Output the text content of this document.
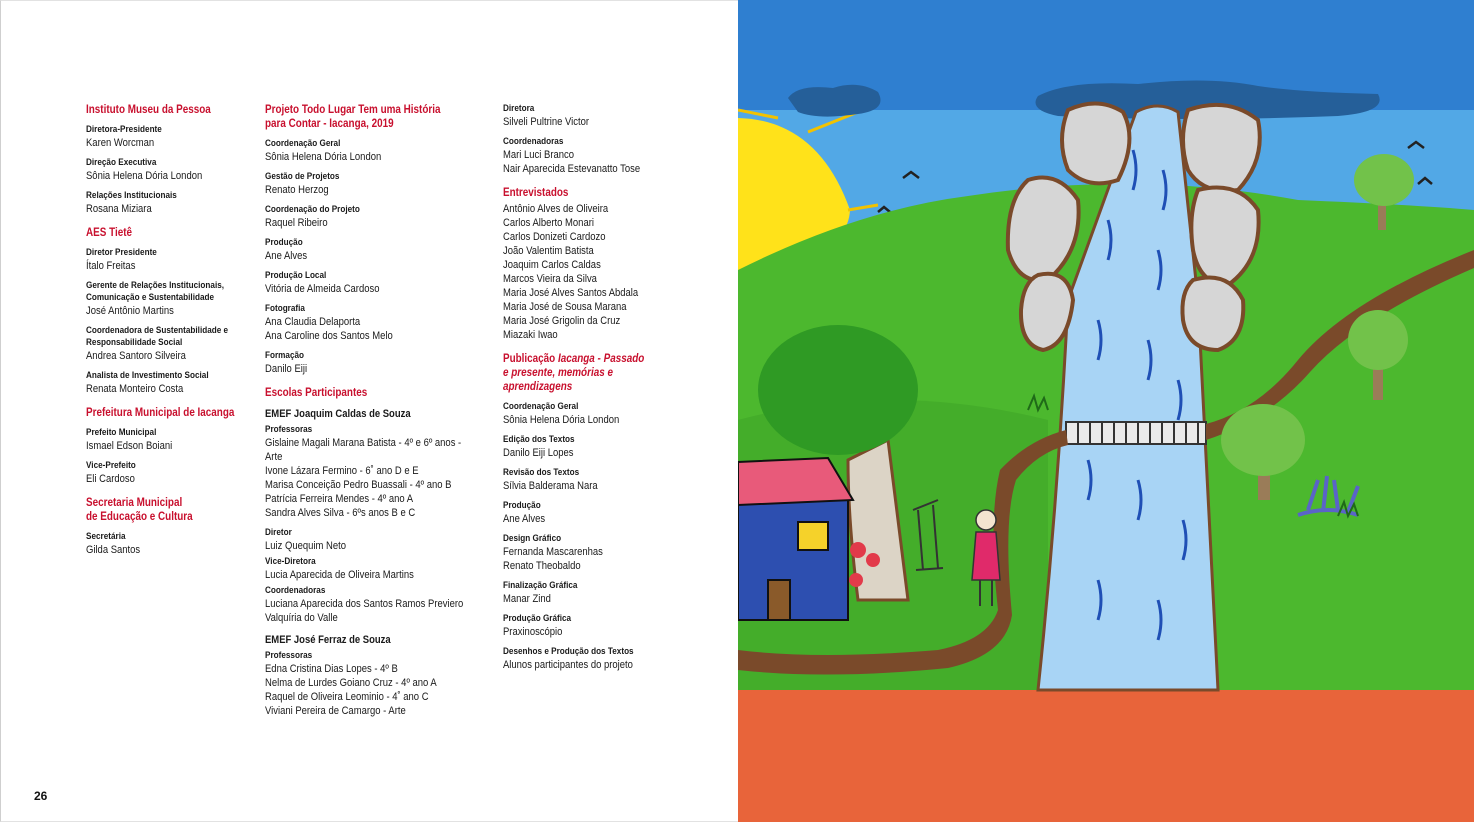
Instituto Museu da Pessoa

Diretora-Presidente

Karen Worcman

Direção Executiva

Sônia Helena Dória London

Relações Institucionais

Rosana Miziara

AES Tietê

Diretor Presidente

Ítalo Freitas

Gerente de Relações Institucionais,

Comunicação e Sustentabilidade

José Antônio Martins

Coordenadora de Sustentabilidade e

Responsabilidade Social

Andrea Santoro Silveira

Analista de Investimento Social

Renata Monteiro Costa

Prefeitura Municipal de Iacanga

Prefeito Municipal

Ismael Edson Boiani

Vice-Prefeito

Eli Cardoso

Secretaria Municipal

de Educação e Cultura

Secretária

Gilda Santos

Projeto Todo Lugar Tem uma História

para Contar - Iacanga, 2019

Coordenação Geral

Sônia Helena Dória London

Gestão de Projetos

Renato Herzog

Coordenação do Projeto

Raquel Ribeiro

Produção

Ane Alves

Produção Local

Vitória de Almeida Cardoso

Fotografia

Ana Claudia Delaporta

Ana Caroline dos Santos Melo

Formação

Danilo Eiji

Escolas Participantes

EMEF Joaquim Caldas de Souza

Professoras

Gislaine Magali Marana Batista - 4º e 6º anos - Arte

Ivone Lázara Fermino - 6˚ ano D e E

Marisa Conceição Pedro Buassali - 4º ano B

Patrícia Ferreira Mendes - 4º ano A

Sandra Alves Silva - 6ºs anos B e C

Diretor

Luiz Quequim Neto

Vice-Diretora

Lucia Aparecida de Oliveira Martins

Coordenadoras

Luciana Aparecida dos Santos Ramos Previero

Valquíria do Valle

EMEF José Ferraz de Souza

Professoras

Edna Cristina Dias Lopes - 4º B

Nelma de Lurdes Goiano Cruz - 4º ano A

Raquel de Oliveira Leominio - 4˚ ano C

Viviani Pereira de Camargo - Arte

Diretora

Silveli Pultrine Victor

Coordenadoras

Mari Luci Branco

Nair Aparecida Estevanatto Tose

Entrevistados

Antônio Alves de Oliveira

Carlos Alberto Monari

Carlos Donizeti Cardozo

João Valentim Batista

Joaquim Carlos Caldas

Marcos Vieira da Silva

Maria José Alves Santos Abdala

Maria José de Sousa Marana

Maria José Grigolin da Cruz

Miazaki Iwao

Publicação Iacanga - Passado

e presente, memórias e

aprendizagens

Coordenação Geral

Sônia Helena Dória London

Edição dos Textos

Danilo Eiji Lopes

Revisão dos Textos

Sílvia Balderama Nara

Produção

Ane Alves

Design Gráfico

Fernanda Mascarenhas

Renato Theobaldo

Finalização Gráfica

Manar Zind

Produção Gráfica

Praxinoscópio

Desenhos e Produção dos Textos

Alunos participantes do projeto

26
